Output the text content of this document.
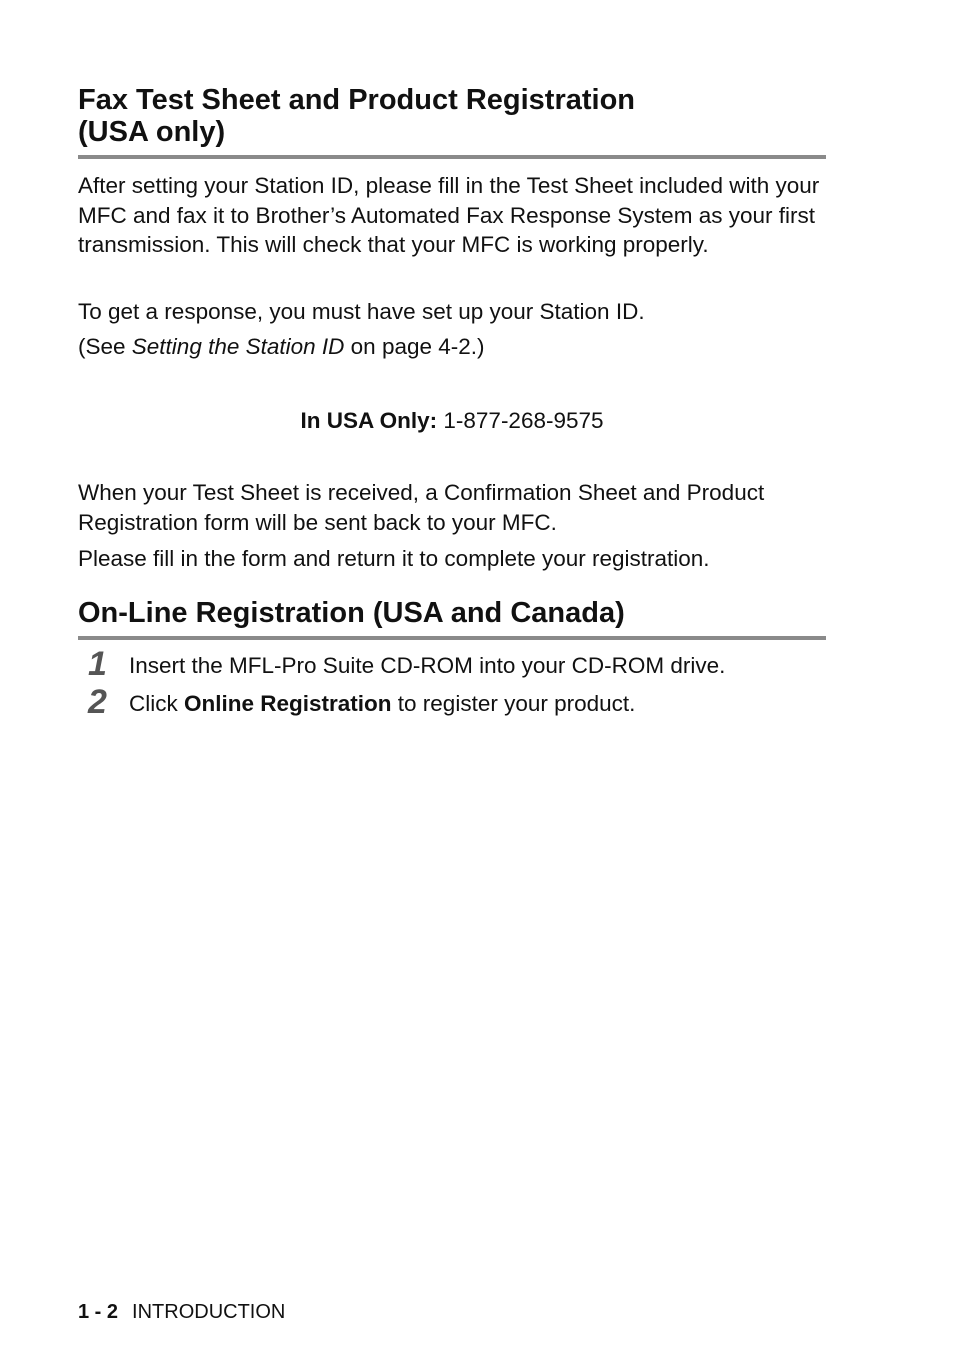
Fax Test Sheet and Product Registration
(USA only)

After setting your Station ID, please fill in the Test Sheet included with your MFC and fax it to Brother’s Automated Fax Response System as your first transmission. This will check that your MFC is working properly.

To get a response, you must have set up your Station ID.

(See Setting the Station ID on page 4-2.)

In USA Only: 1-877-268-9575

When your Test Sheet is received, a Confirmation Sheet and Product Registration form will be sent back to your MFC.

Please fill in the form and return it to complete your registration.

On-Line Registration (USA and Canada)
1 Insert the MFL-Pro Suite CD-ROM into your CD-ROM drive.
2 Click Online Registration to register your product.
1 - 2 INTRODUCTION
